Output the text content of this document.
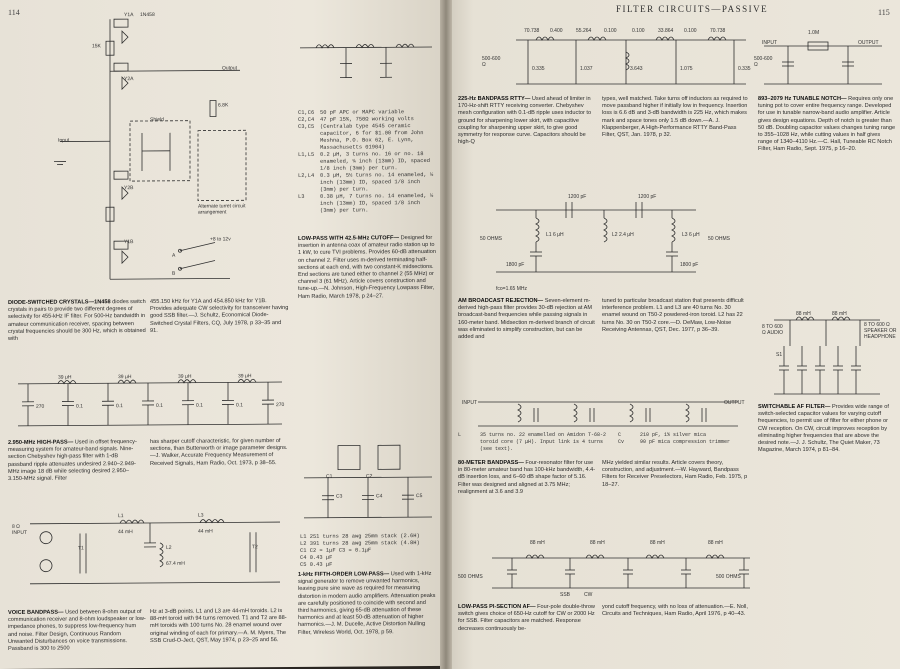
114	Y1A 1N458
Y2A
Y2B
Y1B
Output
Input
Shield
Alternate turret circuit arrangement
+8 to 12v
A
B
15K
6.8K
DIODE-SWITCHED CRYSTALS—1N458 diodes switch crystals in pairs to provide two different degrees of selectivity for 455-kHz IF filter. For 500-Hz bandwidth in amateur communication receiver, spacing between crystal frequencies should be 300 Hz, which is obtained with
455.150 kHz for Y1A and 454.850 kHz for Y1B. Provides adequate CW selectivity for transceiver having good SSB filter.—J. Schultz, Economical Diode-Switched Crystal Filters, CQ, July 1978, p 33–35 and 91.
C1,C6	50 pF APC or MAPC variable
C2,C4	47 pF 15%, 750Ω working volts
C3,C5	(Centralab type 4545 ceramic capacitor, 6 for $1.00 from John Meshna, P.O. Box 62, E. Lynn, Massachusetts 01904)
L1,L5	0.2 μH, 3 turns no. 16 or no. 18 enameled, ¼ inch (13mm) ID, spaced 1/8 inch (3mm) per turn.
L2,L4	0.3 μH, 5½ turns no. 14 enameled, ½ inch (13mm) ID, spaced 1/8 inch (3mm) per turn.
L3	0.38 μH, 7 turns no. 14 enameled, ½ inch (13mm) ID, spaced 1/8 inch (3mm) per turn.
LOW-PASS WITH 42.5-MHz CUTOFF— Designed for insertion in antenna coax of amateur radio station up to 1 kW, to cure TVI problems. Provides 60-dB attenuation on channel 2. Filter uses m-derived terminating half-sections at each end, with two constant-K midsections. End sections are tuned either to channel 2 (55 MHz) or channel 3 (61 MHz). Article covers construction and tune-up.—N. Johnson, High-Frequency Lowpass Filter, Ham Radio, March 1978, p 24–27.
270	0.1	0.1	0.1	0.1	0.1	270
39 μH	39 μH	39 μH	39 μH
2.950-MHz HIGH-PASS— Used in offset frequency-measuring system for amateur-band signals. Nine-section Chebyshev high-pass filter with 1-dB passband ripple attenuates undesired 2.940–2.949-MHz image 18 dB while selecting desired 2.950–3.150-MHz signal. Filter
has sharper cutoff characteristic, for given number of sections, than Butterworth or image parameter designs.—J. Walker, Accurate Frequency Measurement of Received Signals, Ham Radio, Oct. 1973, p 38–55.
8 Ω INPUT
L1	L3
L2
T1	T2
44 mH	44 mH
67.4 mH
VOICE BANDPASS— Used between 8-ohm output of communication receiver and 8-ohm loudspeaker or low-impedance phones, to suppress low-frequency hum and noise. Filter Design, Continuous Random Unwanted Disturbances on voice transmissions. Passband is 300 to 2500
Hz at 3-dB points. L1 and L3 are 44-mH toroids. L2 is 88-mH toroid with 94 turns removed. T1 and T2 are 88-mH toroids with 100 turns No. 28 enamel wound over original winding of each for primary.—A. M. Myers, The SSB Crud-O-Ject, QST, May 1974, p 23–25 and 56.
C1	C2
C3	C4	C5
L1 251 turns 28 awg 25mm stack (2.6H)
L2 391 turns 28 awg 25mm stack (4.8H)
C1 C2 = 1μF C3 = 0.1μF
C4 0.43 μF
C5 0.43 μF
1-kHz FIFTH-ORDER LOW-PASS— Used with 1-kHz signal generator to remove unwanted harmonics, leaving pure sine wave as required for measuring distortion in modern audio amplifiers. Attenuation peaks are carefully positioned to coincide with second and third harmonics, giving 65-dB attenuation of these harmonics and at least 50-dB attenuation of higher harmonics.—J. M. Ducelle, Active Distortion Nulling Filter, Wireless World, Oct. 1978, p 59.
FILTER CIRCUITS—PASSIVE	115
70.738 0.400	55.264	0.100	0.100	33.864 0.100	70.738
0.335	1.037	3.643	1.075	0.335
500-600 Ω
500-600 Ω
225-Hz BANDPASS RTTY— Used ahead of limiter in 170-Hz-shift RTTY receiving converter. Chebyshev mesh configuration with 0.1-dB ripple uses inductor to ground for sharpening lower skirt, with capacitive coupling for sharpening upper skirt, to give good symmetry for response curve. Capacitors should be high-Q
types, well matched. Take turns off inductors as required to move passband higher if initially low in frequency. Insertion loss is 6.6 dB and 3-dB bandwidth is 225 Hz, which makes mark and space tones only 1.5 dB down.—A. J. Klappenberger, A High-Performance RTTY Band-Pass Filter, QST, Jan. 1978, p 32.
INPUT	OUTPUT
1.0M
893–2079 Hz TUNABLE NOTCH— Requires only one tuning pot to cover entire frequency range. Developed for use in tunable narrow-band audio amplifier. Article gives design equations. Depth of notch is greater than 50 dB. Doubling capacitor values changes tuning range to 355–1028 Hz, while cutting values in half gives range of 1340–4110 Hz.—C. Hall, Tuneable RC Notch Filter, Ham Radio, Sept. 1975, p 16–20.
1200 pF	1200 pF
L1 6 μH	L2 2.4 μH	L3 6 μH
1800 pF	1800 pF
50 OHMS	50 OHMS
fco=1.65 MHz
AM BROADCAST REJECTION— Seven-element m-derived high-pass filter provides 30-dB rejection at AM broadcast-band frequencies while passing signals in 160-meter band. Midsection m-derived branch of circuit was eliminated to simplify construction, but can be added and
tuned to particular broadcast station that presents difficult interference problem. L1 and L3 are 40 turns No. 30 enamel wound on T50-2 powdered-iron toroid. L2 has 22 turns No. 30 on T50-2 core.—D. DeMaw, Low-Noise Receiving Antennas, QST, Dec. 1977, p 36–39.
INPUT	OUTPUT
L	35 turns no. 22 enamelled on Amidon T-68-2 toroid core (7 μH). Input link is 4 turns (see text).
C	210 pF, 1% silver mica
Cv	90 pF mica compression trimmer
80-METER BANDPASS— Four-resonator filter for use in 80-meter amateur band has 100-kHz bandwidth, 4.4-dB insertion loss, and 6–60 dB shape factor of 5.16. Filter was designed and aligned at 3.75 MHz; realignment at 3.6 and 3.9
MHz yielded similar results. Article covers theory, construction, and adjustment.—W. Hayward, Bandpass Filters for Receiver Preselectors, Ham Radio, Feb. 1975, p 18–27.
8 TO 600 Ω AUDIO
8 TO 600 Ω SPEAKER OR HEADPHONE
88 mH	88 mH
S1
SWITCHABLE AF FILTER— Provides wide range of switch-selected capacitor values for varying cutoff frequencies, to permit use of filter for either phone or CW reception. On CW, circuit improves reception by eliminating higher frequencies that are above the desired note.—J. J. Schultz, The Quiet Maker, 73 Magazine, March 1974, p 81–84.
88 mH	88 mH	88 mH	88 mH
500 OHMS	500 OHMS
SSB	CW
LOW-PASS PI-SECTION AF— Four-pole double-throw switch gives choice of 650-Hz cutoff for CW or 2000 Hz for SSB. Filter capacitors are matched. Response decreases continuously be-
yond cutoff frequency, with no loss of attenuation.—E. Noll, Circuits and Techniques, Ham Radio, April 1976, p 40–43.
